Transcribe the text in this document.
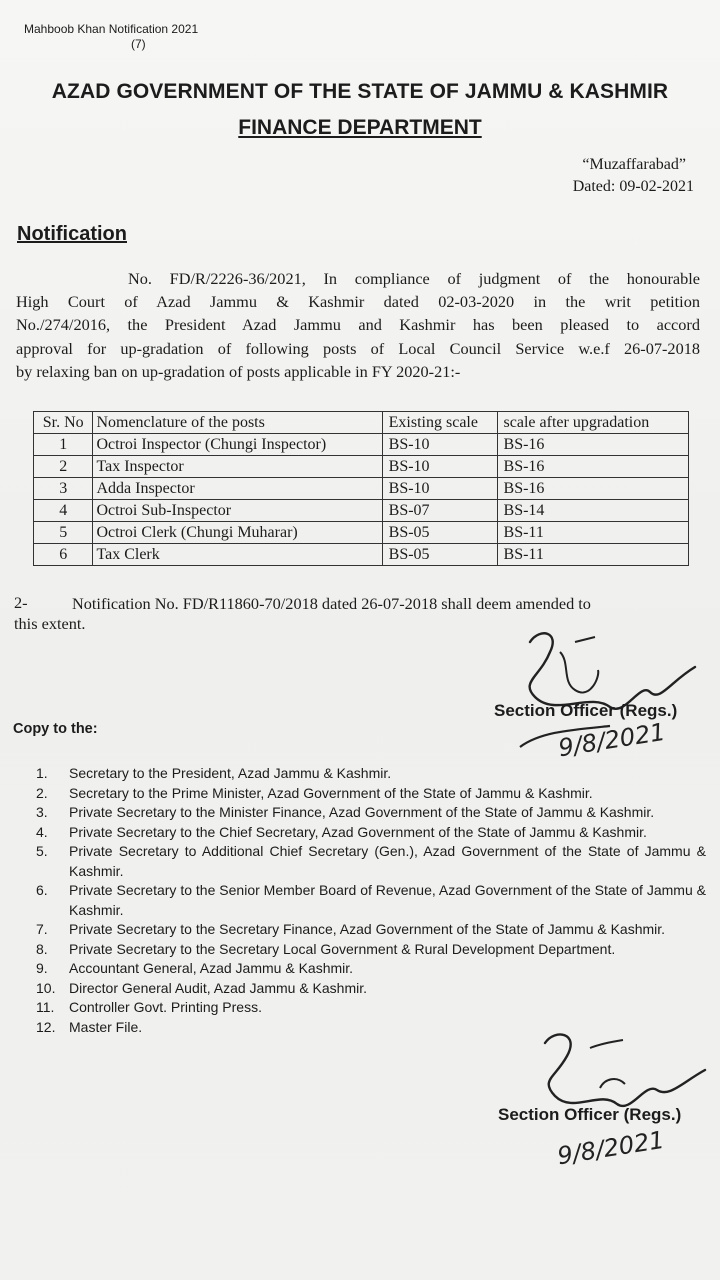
Mahboob Khan Notification 2021
(7)
AZAD GOVERNMENT OF THE STATE OF JAMMU & KASHMIR
FINANCE DEPARTMENT
“Muzaffarabad”
Dated: 09-02-2021
Notification
No. FD/R/2226-36/2021, In compliance of judgment of the honourable
High Court of Azad Jammu & Kashmir dated 02-03-2020 in the writ petition
No./274/2016, the President Azad Jammu and Kashmir has been pleased to accord
approval for up-gradation of following posts of Local Council Service w.e.f 26-07-2018
by relaxing ban on up-gradation of posts applicable in FY 2020-21:-
Sr. No	Nomenclature of the posts	Existing scale	scale after upgradation
1	Octroi Inspector (Chungi Inspector)	BS-10	BS-16
2	Tax Inspector	BS-10	BS-16
3	Adda Inspector	BS-10	BS-16
4	Octroi Sub-Inspector	BS-07	BS-14
5	Octroi Clerk (Chungi Muharar)	BS-05	BS-11
6	Tax Clerk	BS-05	BS-11
2-	Notification No. FD/R11860-70/2018 dated 26-07-2018 shall deem amended to
this extent.
Section Officer (Regs.)
9/8/2021
Copy to the:
1.	Secretary to the President, Azad Jammu & Kashmir.
2.	Secretary to the Prime Minister, Azad Government of the State of Jammu & Kashmir.
3.	Private Secretary to the Minister Finance, Azad Government of the State of Jammu & Kashmir.
4.	Private Secretary to the Chief Secretary, Azad Government of the State of Jammu & Kashmir.
5.	Private Secretary to Additional Chief Secretary (Gen.), Azad Government of the State of Jammu & Kashmir.
6.	Private Secretary to the Senior Member Board of Revenue, Azad Government of the State of Jammu & Kashmir.
7.	Private Secretary to the Secretary Finance, Azad Government of the State of Jammu & Kashmir.
8.	Private Secretary to the Secretary Local Government & Rural Development Department.
9.	Accountant General, Azad Jammu & Kashmir.
10. Director General Audit, Azad Jammu & Kashmir.
11.	Controller Govt. Printing Press.
12. Master File.
Section Officer (Regs.)
9/8/2021
